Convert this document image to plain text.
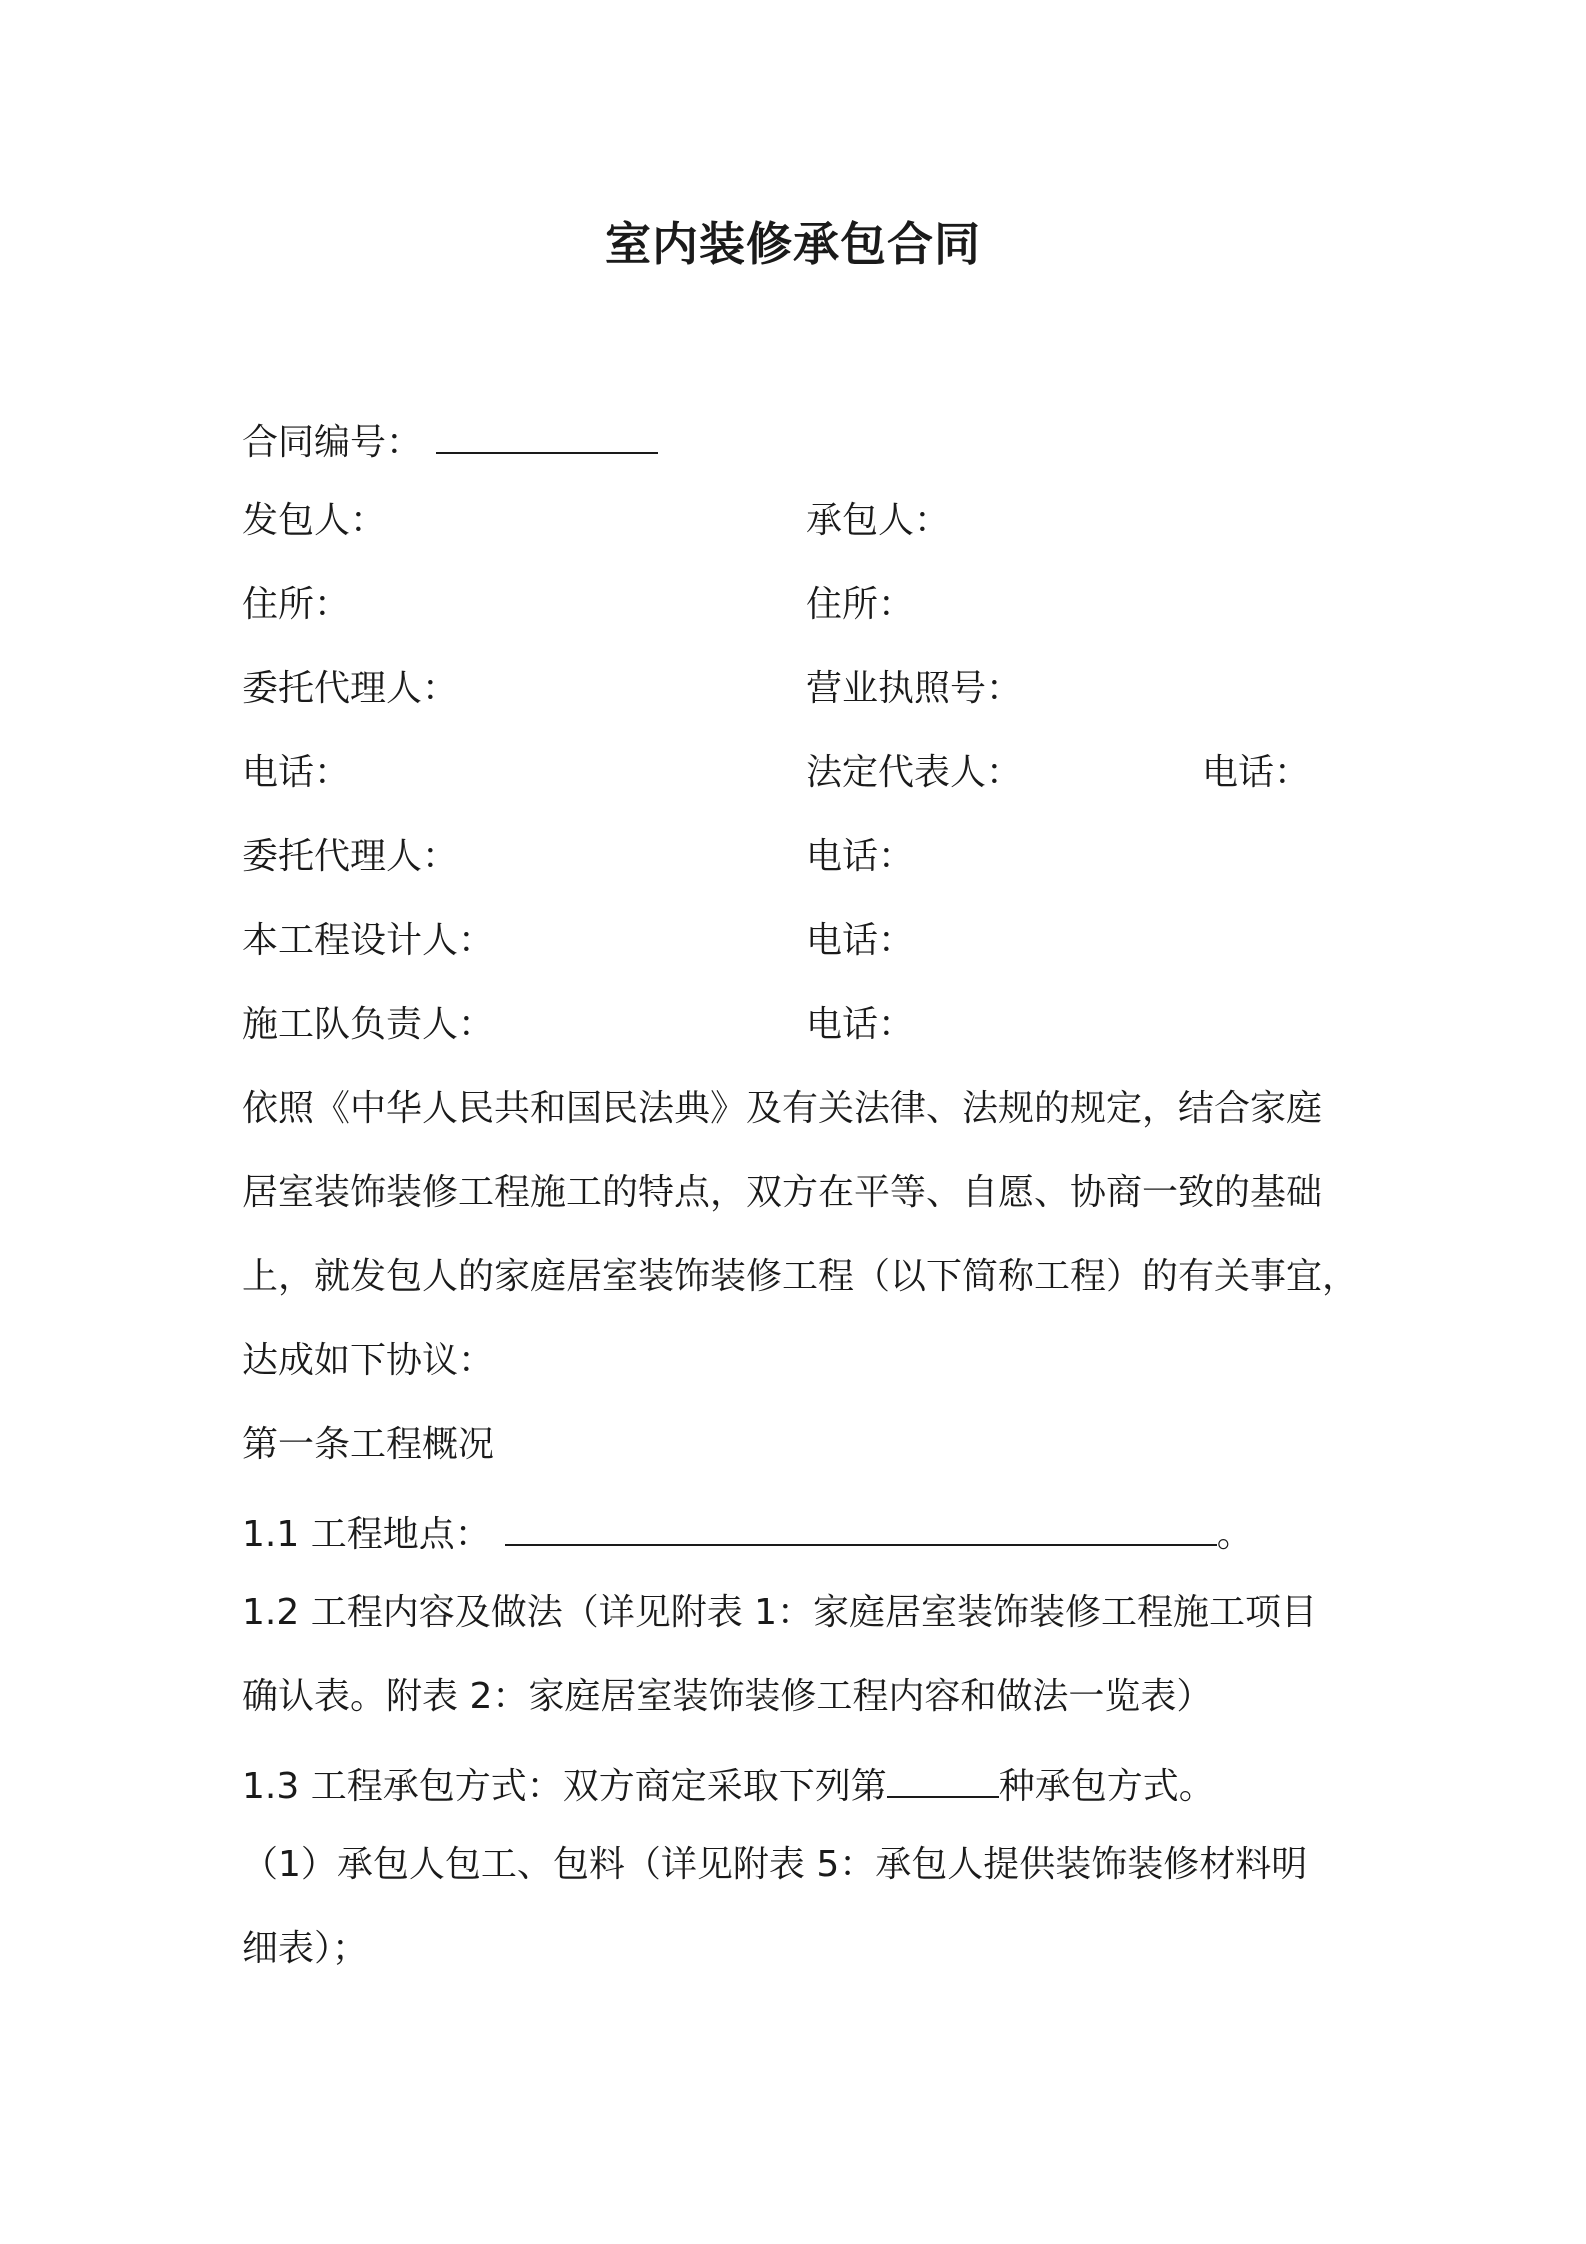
室内装修承包合同
合同编号：
发包人：	承包人：
住所：	住所：
委托代理人：	营业执照号：
电话：	法定代表人：	电话：
委托代理人：	电话：
本工程设计人：	电话：
施工队负责人：	电话：
依照《中华人民共和国民法典》及有关法律、法规的规定，结合家庭
居室装饰装修工程施工的特点，双方在平等、自愿、协商一致的基础
上，就发包人的家庭居室装饰装修工程（以下简称工程）的有关事宜，
达成如下协议：
第一条工程概况
1.1 工程地点：	。
1.2 工程内容及做法（详见附表 1：家庭居室装饰装修工程施工项目
确认表。附表 2：家庭居室装饰装修工程内容和做法一览表）
1.3 工程承包方式：双方商定采取下列第	种承包方式。
（1）承包人包工、包料（详见附表 5：承包人提供装饰装修材料明
细表）；
